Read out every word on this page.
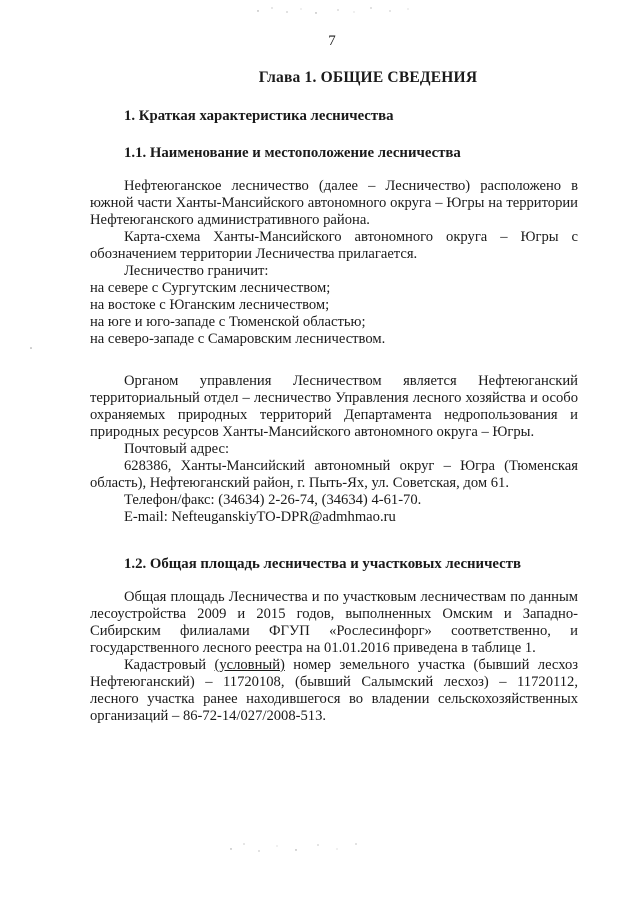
7
Глава 1. ОБЩИЕ СВЕДЕНИЯ
1. Краткая характеристика лесничества
1.1. Наименование и местоположение лесничества

Нефтеюганское лесничество (далее – Лесничество) расположено в южной части Ханты-Мансийского автономного округа – Югры на территории Нефтеюганского административного района.

Карта-схема Ханты-Мансийского автономного округа – Югры с обозначением территории Лесничества прилагается.

Лесничество граничит:
на севере с Сургутским лесничеством;
на востоке с Юганским лесничеством;
на юге и юго-западе с Тюменской областью;
на северо-западе с Самаровским лесничеством.

Органом управления Лесничеством является Нефтеюганский территориальный отдел – лесничество Управления лесного хозяйства и особо охраняемых природных территорий Департамента недропользования и природных ресурсов Ханты-Мансийского автономного округа – Югры.

Почтовый адрес:

628386, Ханты-Мансийский автономный округ – Югра (Тюменская область), Нефтеюганский район, г. Пыть-Ях, ул. Советская, дом 61.

Телефон/факс: (34634) 2-26-74, (34634) 4-61-70.
E-mail: NefteuganskiyTO-DPR@admhmao.ru
1.2. Общая площадь лесничества и участковых лесничеств

Общая площадь Лесничества и по участковым лесничествам по данным лесоустройства 2009 и 2015 годов, выполненных Омским и Западно-Сибирским филиалами ФГУП «Рослесинфорг» соответственно, и государственного лесного реестра на 01.01.2016 приведена в таблице 1.

Кадастровый (условный) номер земельного участка (бывший лесхоз Нефтеюганский) – 11720108, (бывший Салымский лесхоз) – 11720112, лесного участка ранее находившегося во владении сельскохозяйственных организаций – 86-72-14/027/2008-513.
